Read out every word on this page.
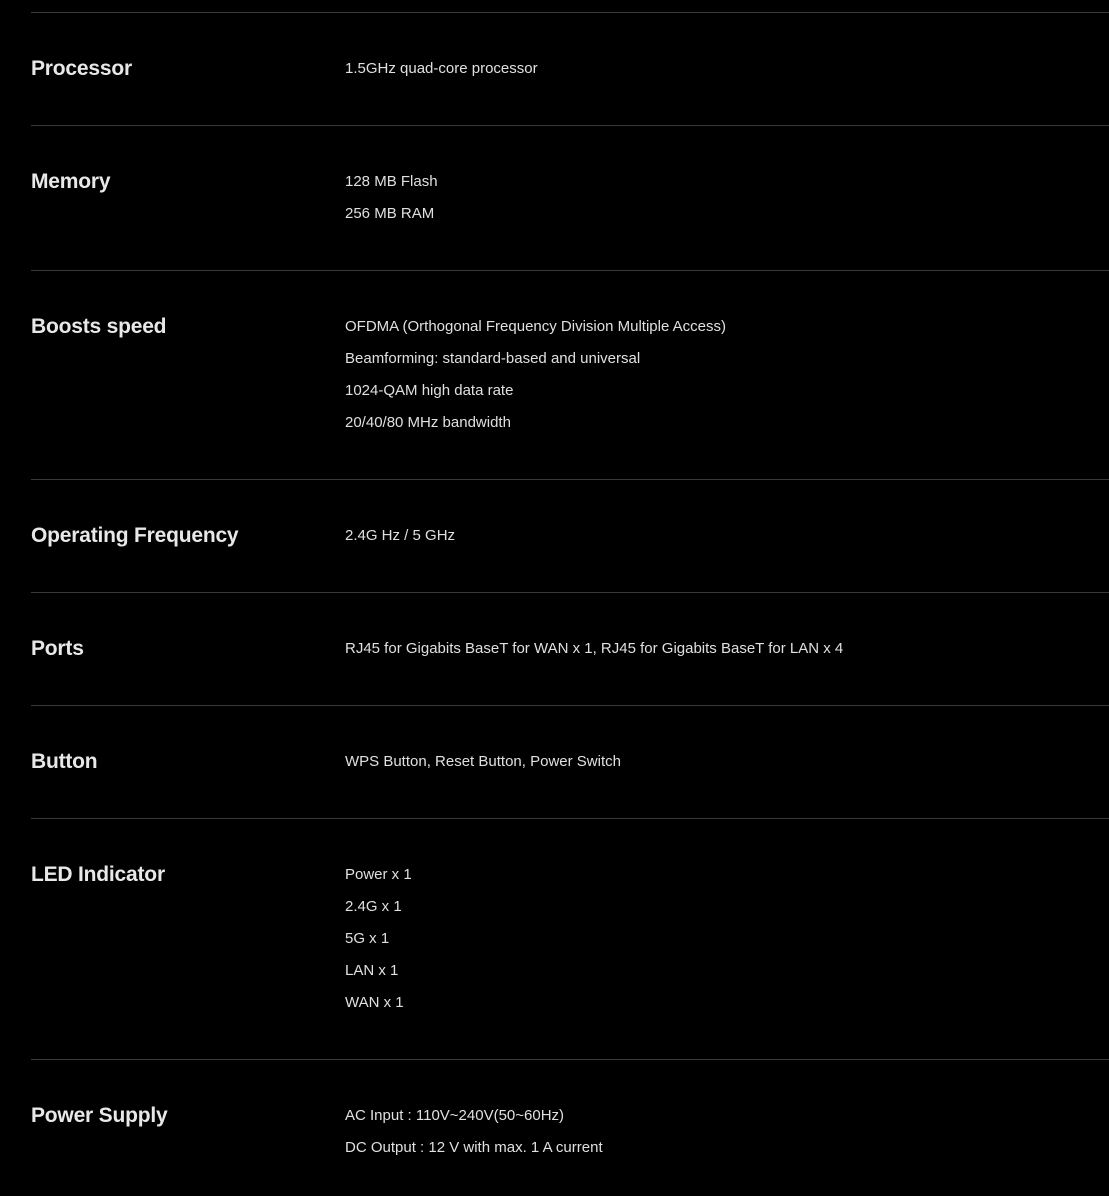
Processor	1.5GHz quad-core processor
Memory	128 MB Flash
256 MB RAM
Boosts speed	OFDMA (Orthogonal Frequency Division Multiple Access)
Beamforming: standard-based and universal
1024-QAM high data rate
20/40/80 MHz bandwidth
Operating Frequency	2.4G Hz / 5 GHz
Ports	RJ45 for Gigabits BaseT for WAN x 1, RJ45 for Gigabits BaseT for LAN x 4
Button	WPS Button, Reset Button, Power Switch
LED Indicator	Power x 1
2.4G x 1
5G x 1
LAN x 1
WAN x 1
Power Supply	AC Input : 110V~240V(50~60Hz)
DC Output : 12 V with max. 1 A current
